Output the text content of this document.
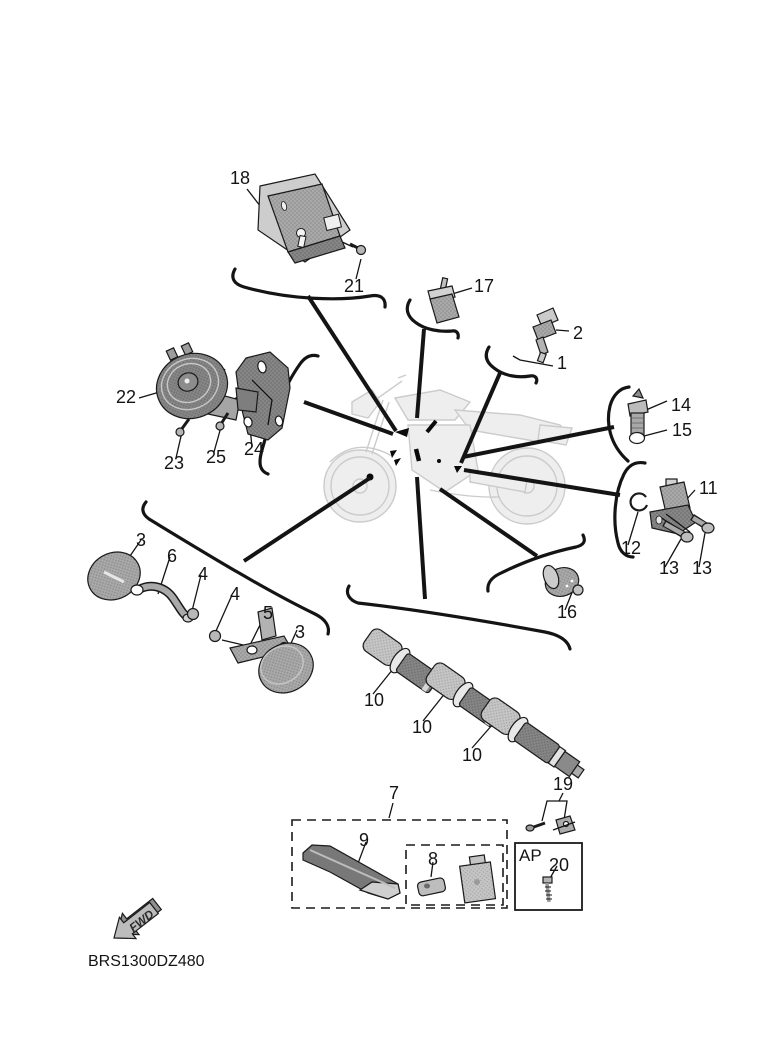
FWD
18
21	17
2
1
14
15
11
12
13 13
16
22
23 25 24
3
6
4
4
5
3
10
10
10
7
9
8
19
AP 20
BRS1300DZ480
